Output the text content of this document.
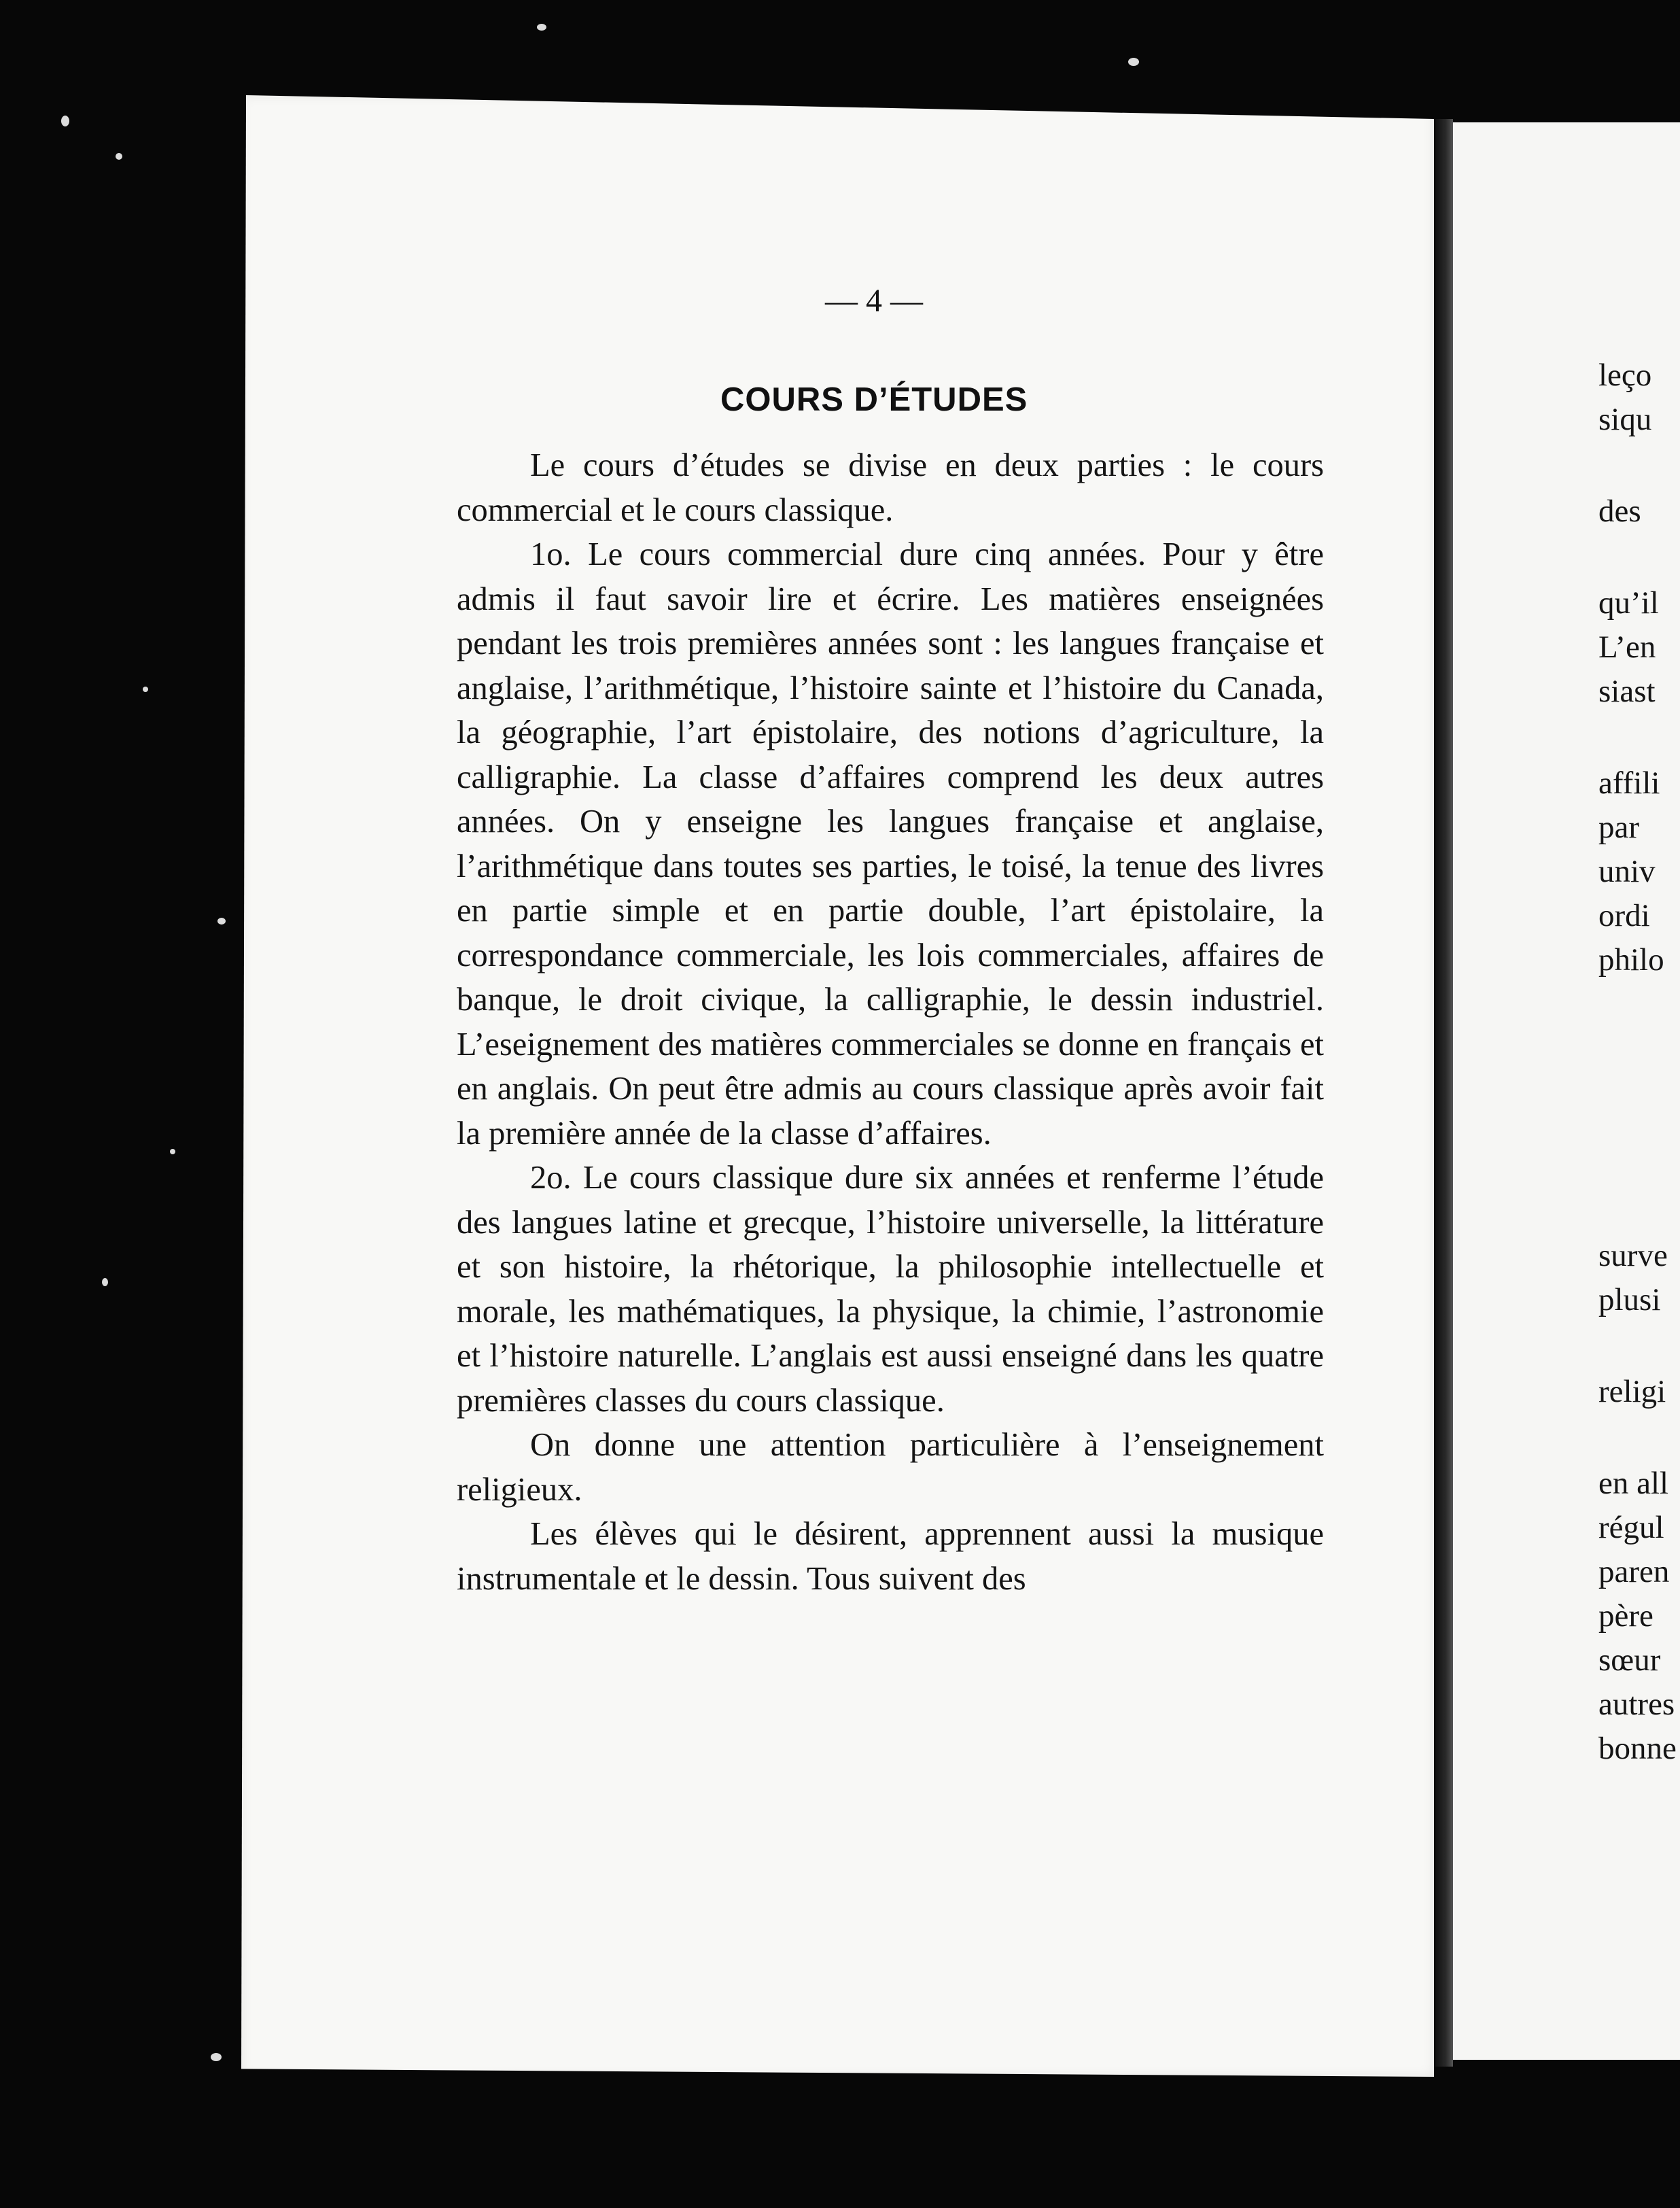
— 4 —
COURS D’ÉTUDES

Le cours d’études se divise en deux parties : le cours commercial et le cours classique.

1o. Le cours commercial dure cinq années. Pour y être admis il faut savoir lire et écrire. Les matières enseignées pendant les trois premières années sont : les langues française et anglaise, l’arithmétique, l’histoire sainte et l’histoire du Canada, la géographie, l’art épistolaire, des notions d’agriculture, la calligraphie. La classe d’affaires comprend les deux autres années. On y enseigne les langues française et anglaise, l’arithmétique dans toutes ses parties, le toisé, la tenue des livres en partie simple et en partie double, l’art épistolaire, la correspondance commerciale, les lois commerciales, affaires de banque, le droit civique, la calligraphie, le dessin industriel. L’eseignement des matières commerciales se donne en français et en anglais. On peut être admis au cours classique après avoir fait la première année de la classe d’affaires.

2o. Le cours classique dure six années et renferme l’étude des langues latine et grecque, l’histoire universelle, la littérature et son histoire, la rhétorique, la philosophie intellectuelle et morale, les mathématiques, la physique, la chimie, l’astronomie et l’histoire naturelle. L’anglais est aussi enseigné dans les quatre premières classes du cours classique.

On donne une attention particulière à l’enseignement religieux.

Les élèves qui le désirent, apprennent aussi la musique instrumentale et le dessin. Tous suivent des

leço
siqu
des
qu’il
L’en
siast
affili
par
univ
ordi
philo
surve
plusi
religi
en all
régul
paren
père
sœur
autres
bonne
